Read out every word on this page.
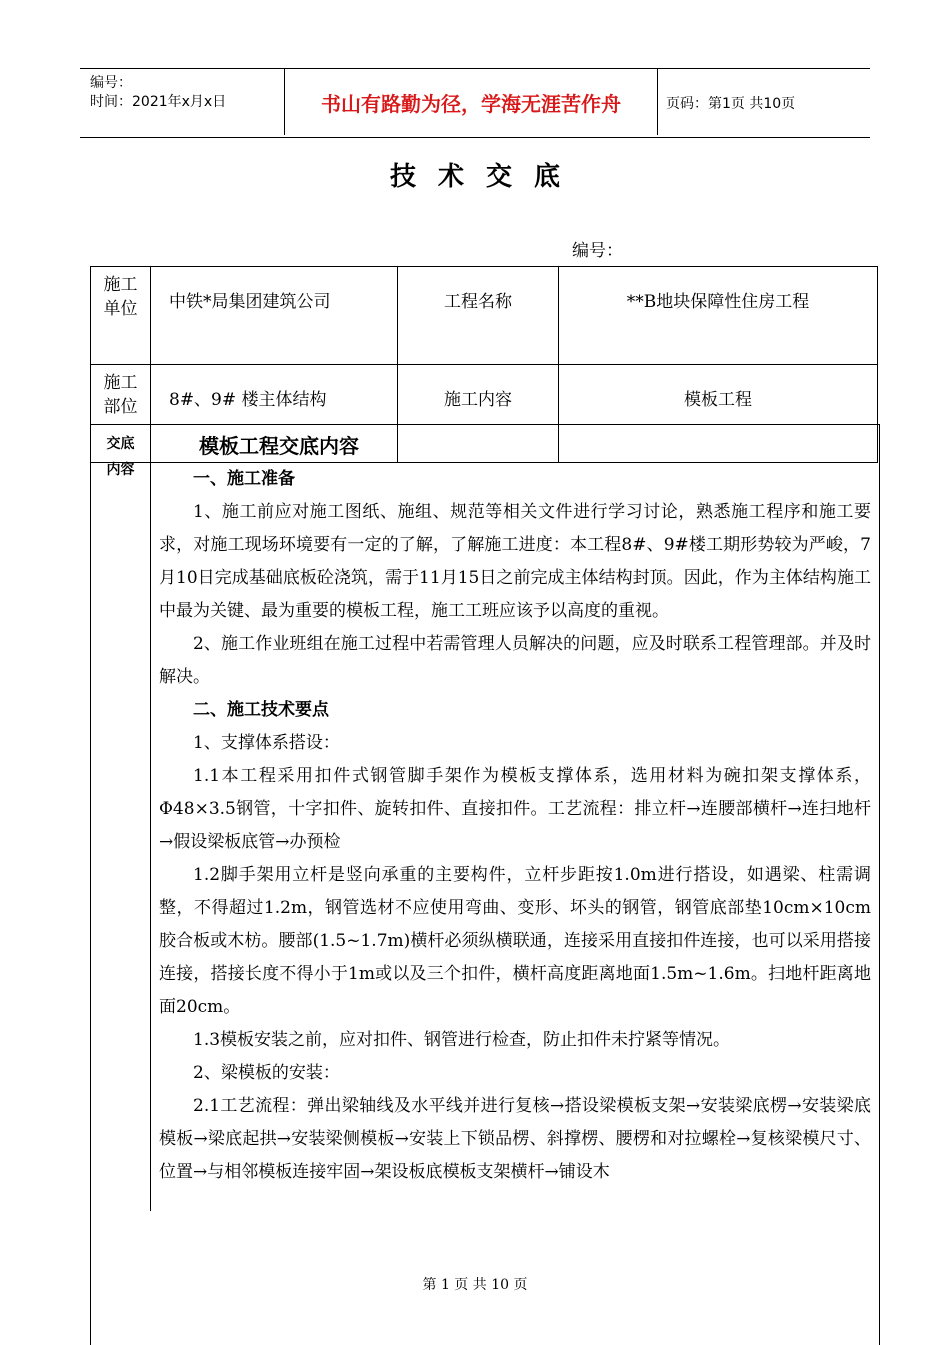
编号：
时间：2021年x月x日	书山有路勤为径，学海无涯苦作舟	页码：第1页 共10页
技术交底
编号：
施工
单位	中铁*局集团建筑公司	工程名称	**B地块保障性住房工程

施工
部位	8#、9# 楼主体结构	施工内容	模板工程
交底
内容
模板工程交底内容

一、施工准备

1、施工前应对施工图纸、施组、规范等相关文件进行学习讨论，熟悉施工程序和施工要求，对施工现场环境要有一定的了解，了解施工进度：本工程8#、9#楼工期形势较为严峻，7月10日完成基础底板砼浇筑，需于11月15日之前完成主体结构封顶。因此，作为主体结构施工中最为关键、最为重要的模板工程，施工工班应该予以高度的重视。

2、施工作业班组在施工过程中若需管理人员解决的问题，应及时联系工程管理部。并及时解决。

二、施工技术要点

1、支撑体系搭设：

1.1本工程采用扣件式钢管脚手架作为模板支撑体系，选用材料为碗扣架支撑体系，Φ48×3.5钢管，十字扣件、旋转扣件、直接扣件。工艺流程：排立杆→连腰部横杆→连扫地杆→假设梁板底管→办预检

1.2脚手架用立杆是竖向承重的主要构件，立杆步距按1.0m进行搭设，如遇梁、柱需调整，不得超过1.2m，钢管选材不应使用弯曲、变形、坏头的钢管，钢管底部垫10cm×10cm胶合板或木枋。腰部(1.5~1.7m)横杆必须纵横联通，连接采用直接扣件连接，也可以采用搭接连接，搭接长度不得小于1m或以及三个扣件，横杆高度距离地面1.5m~1.6m。扫地杆距离地面20cm。

1.3模板安装之前，应对扣件、钢管进行检查，防止扣件未拧紧等情况。

2、梁模板的安装：

2.1工艺流程：弹出梁轴线及水平线并进行复核→搭设梁模板支架→安装梁底楞→安装梁底模板→梁底起拱→安装梁侧模板→安装上下锁品楞、斜撑楞、腰楞和对拉螺栓→复核梁模尺寸、位置→与相邻模板连接牢固→架设板底模板支架横杆→铺设木

第 1 页 共 10 页
